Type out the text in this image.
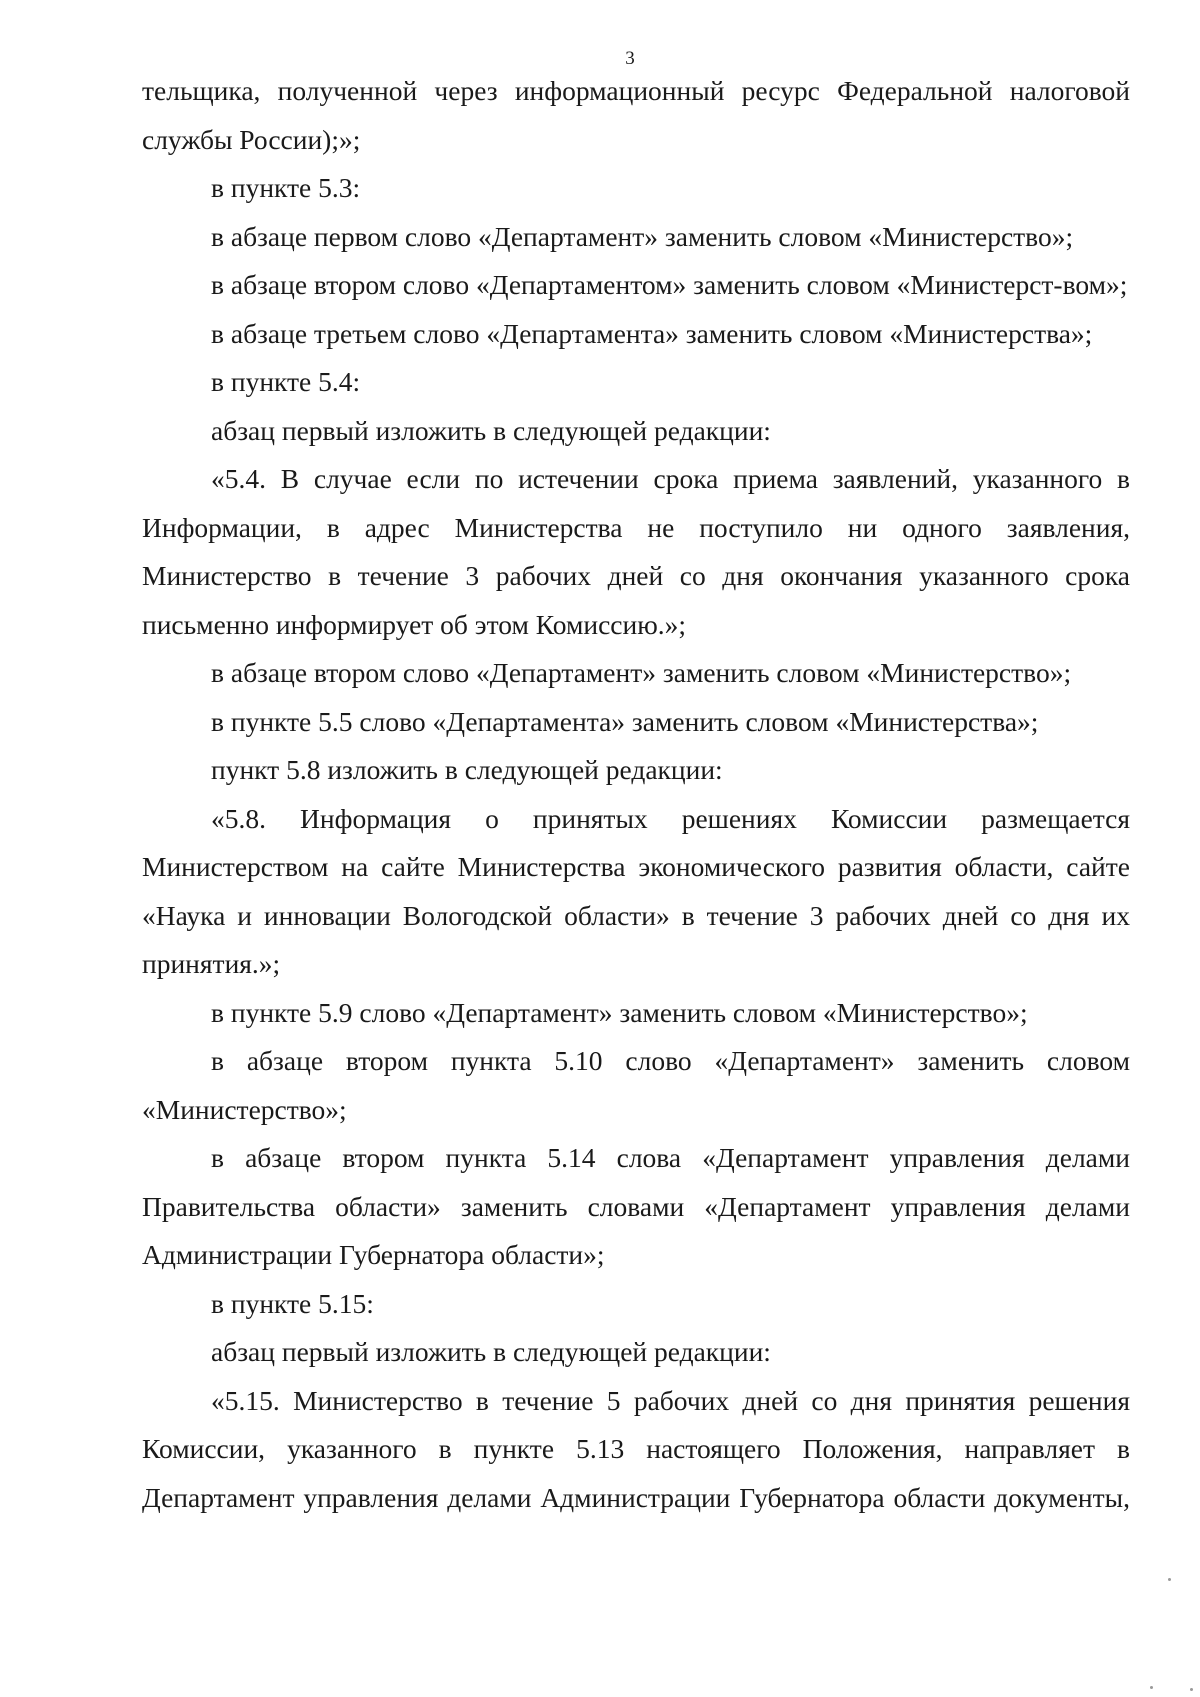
3

тельщика, полученной через информационный ресурс Федеральной налоговой службы России);»;

в пункте 5.3:

в абзаце первом слово «Департамент» заменить словом «Министерство»;

в абзаце втором слово «Департаментом» заменить словом «Министерст-вом»;

в абзаце третьем слово «Департамента» заменить словом «Министерства»;

в пункте 5.4:

абзац первый изложить в следующей редакции:

«5.4. В случае если по истечении срока приема заявлений, указанного в Информации, в адрес Министерства не поступило ни одного заявления, Министерство в течение 3 рабочих дней со дня окончания указанного срока письменно информирует об этом Комиссию.»;

в абзаце втором слово «Департамент» заменить словом «Министерство»;

в пункте 5.5 слово «Департамента» заменить словом «Министерства»;

пункт 5.8 изложить в следующей редакции:

«5.8. Информация о принятых решениях Комиссии размещается Министерством на сайте Министерства экономического развития области, сайте «Наука и инновации Вологодской области» в течение 3 рабочих дней со дня их принятия.»;

в пункте 5.9 слово «Департамент» заменить словом «Министерство»;

в абзаце втором пункта 5.10 слово «Департамент» заменить словом «Министерство»;

в абзаце втором пункта 5.14 слова «Департамент управления делами Правительства области» заменить словами «Департамент управления делами Администрации Губернатора области»;

в пункте 5.15:

абзац первый изложить в следующей редакции:

«5.15. Министерство в течение 5 рабочих дней со дня принятия решения Комиссии, указанного в пункте 5.13 настоящего Положения, направляет в Департамент управления делами Администрации Губернатора области документы,
